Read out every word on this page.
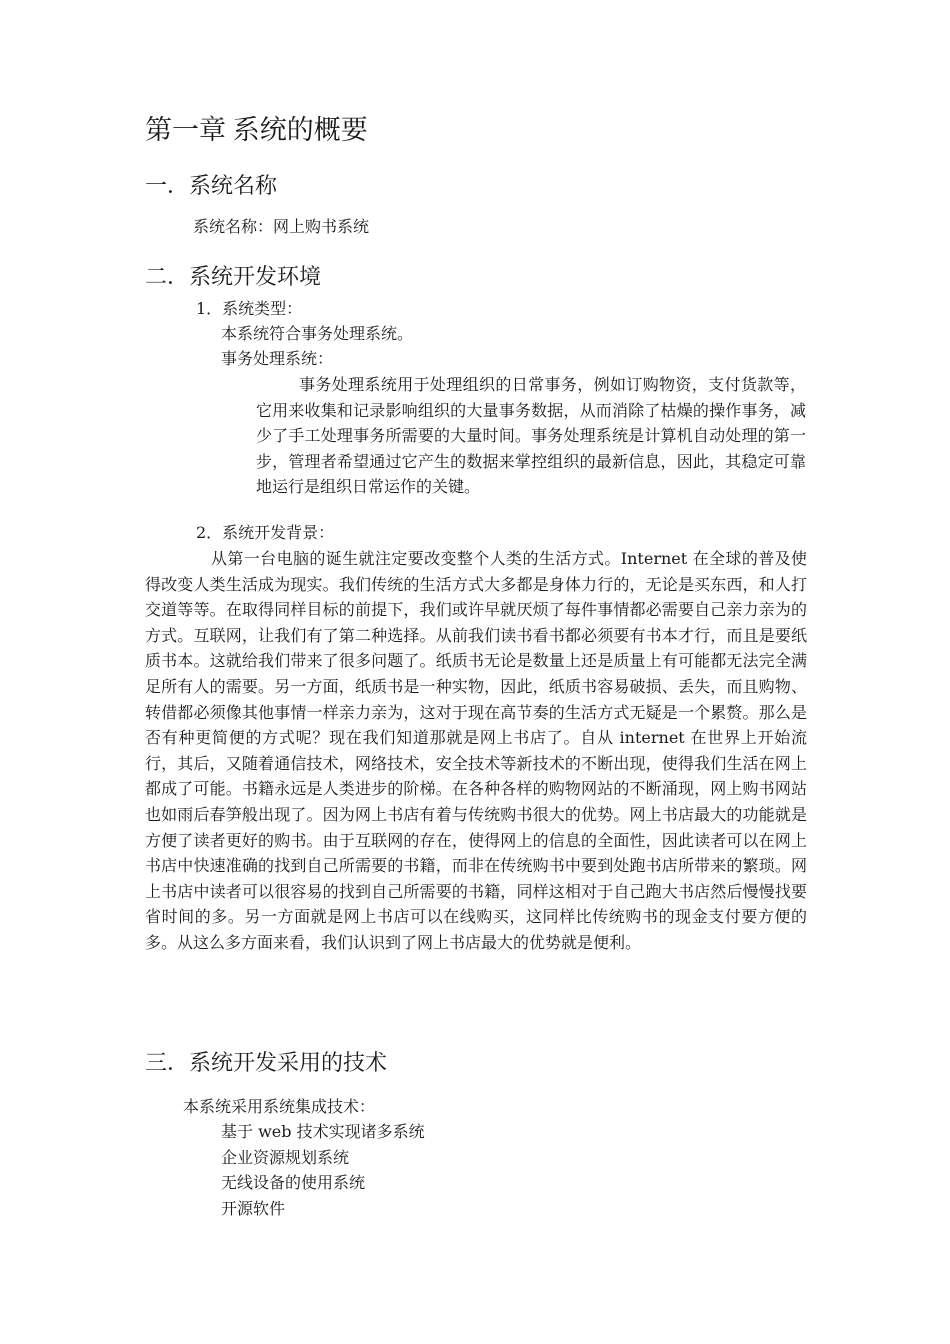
第一章 系统的概要
一．系统名称
系统名称：网上购书系统
二．系统开发环境
1．系统类型：
本系统符合事务处理系统。
事务处理系统：
事务处理系统用于处理组织的日常事务，例如订购物资，支付货款等，它用来收集和记录影响组织的大量事务数据，从而消除了枯燥的操作事务，减少了手工处理事务所需要的大量时间。事务处理系统是计算机自动处理的第一步，管理者希望通过它产生的数据来掌控组织的最新信息，因此，其稳定可靠地运行是组织日常运作的关键。
2．系统开发背景：
从第一台电脑的诞生就注定要改变整个人类的生活方式。Internet 在全球的普及使得改变人类生活成为现实。我们传统的生活方式大多都是身体力行的，无论是买东西，和人打交道等等。在取得同样目标的前提下，我们或许早就厌烦了每件事情都必需要自己亲力亲为的方式。互联网，让我们有了第二种选择。从前我们读书看书都必须要有书本才行，而且是要纸质书本。这就给我们带来了很多问题了。纸质书无论是数量上还是质量上有可能都无法完全满足所有人的需要。另一方面，纸质书是一种实物，因此，纸质书容易破损、丢失，而且购物、转借都必须像其他事情一样亲力亲为，这对于现在高节奏的生活方式无疑是一个累赘。那么是否有种更简便的方式呢？现在我们知道那就是网上书店了。自从 internet 在世界上开始流行，其后，又随着通信技术，网络技术，安全技术等新技术的不断出现，使得我们生活在网上都成了可能。书籍永远是人类进步的阶梯。在各种各样的购物网站的不断涌现，网上购书网站也如雨后春笋般出现了。因为网上书店有着与传统购书很大的优势。网上书店最大的功能就是方便了读者更好的购书。由于互联网的存在，使得网上的信息的全面性，因此读者可以在网上书店中快速准确的找到自己所需要的书籍，而非在传统购书中要到处跑书店所带来的繁琐。网上书店中读者可以很容易的找到自己所需要的书籍，同样这相对于自己跑大书店然后慢慢找要省时间的多。另一方面就是网上书店可以在线购买，这同样比传统购书的现金支付要方便的多。从这么多方面来看，我们认识到了网上书店最大的优势就是便利。
三．系统开发采用的技术
本系统采用系统集成技术：
基于 web 技术实现诸多系统
企业资源规划系统
无线设备的使用系统
开源软件
